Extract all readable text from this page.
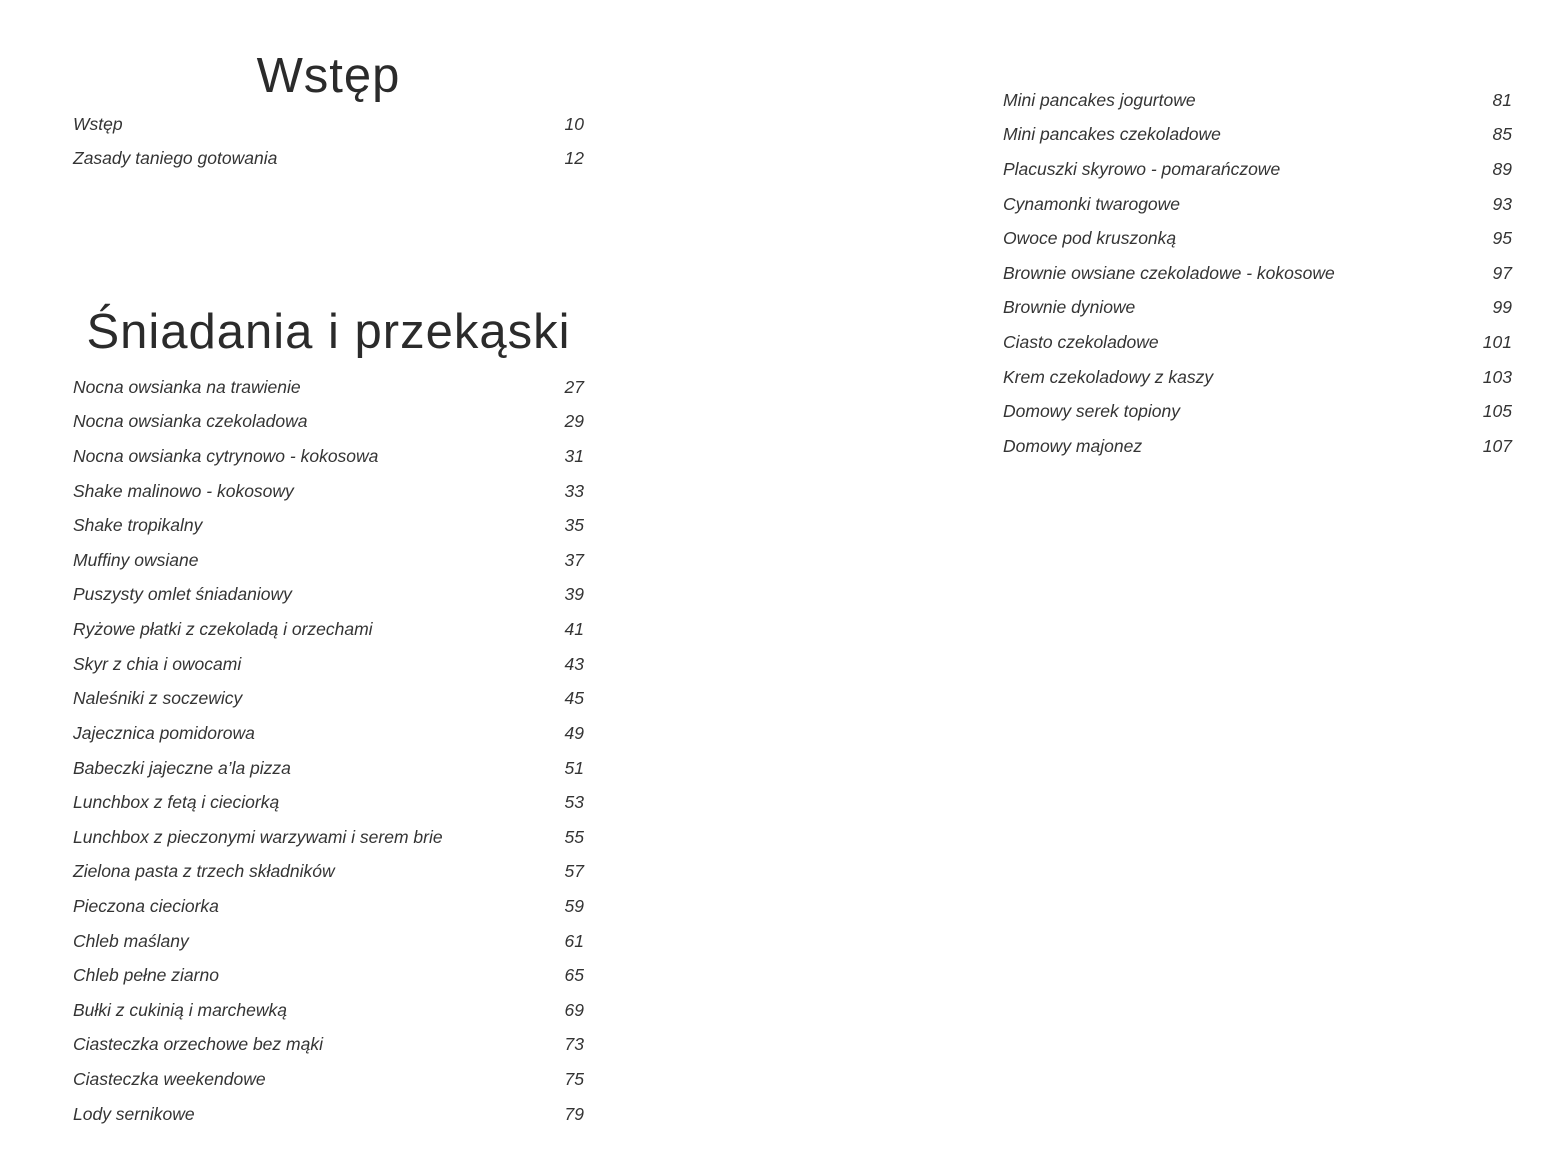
Wstęp
Wstęp	10
Zasady taniego gotowania	12
Śniadania i przekąski
Nocna owsianka na trawienie	27
Nocna owsianka czekoladowa	29
Nocna owsianka cytrynowo - kokosowa	31
Shake malinowo - kokosowy	33
Shake tropikalny	35
Muffiny owsiane	37
Puszysty omlet śniadaniowy	39
Ryżowe płatki z czekoladą i orzechami	41
Skyr z chia i owocami	43
Naleśniki z soczewicy	45
Jajecznica pomidorowa	49
Babeczki jajeczne a’la pizza	51
Lunchbox z fetą i cieciorką	53
Lunchbox z pieczonymi warzywami i serem brie	55
Zielona pasta z trzech składników	57
Pieczona cieciorka	59
Chleb maślany	61
Chleb pełne ziarno	65
Bułki z cukinią i marchewką	69
Ciasteczka orzechowe bez mąki	73
Ciasteczka weekendowe	75
Lody sernikowe	79
Mini pancakes jogurtowe	81
Mini pancakes czekoladowe	85
Placuszki skyrowo - pomarańczowe	89
Cynamonki twarogowe	93
Owoce pod kruszonką	95
Brownie owsiane czekoladowe - kokosowe	97
Brownie dyniowe	99
Ciasto czekoladowe	101
Krem czekoladowy z kaszy	103
Domowy serek topiony	105
Domowy majonez	107
